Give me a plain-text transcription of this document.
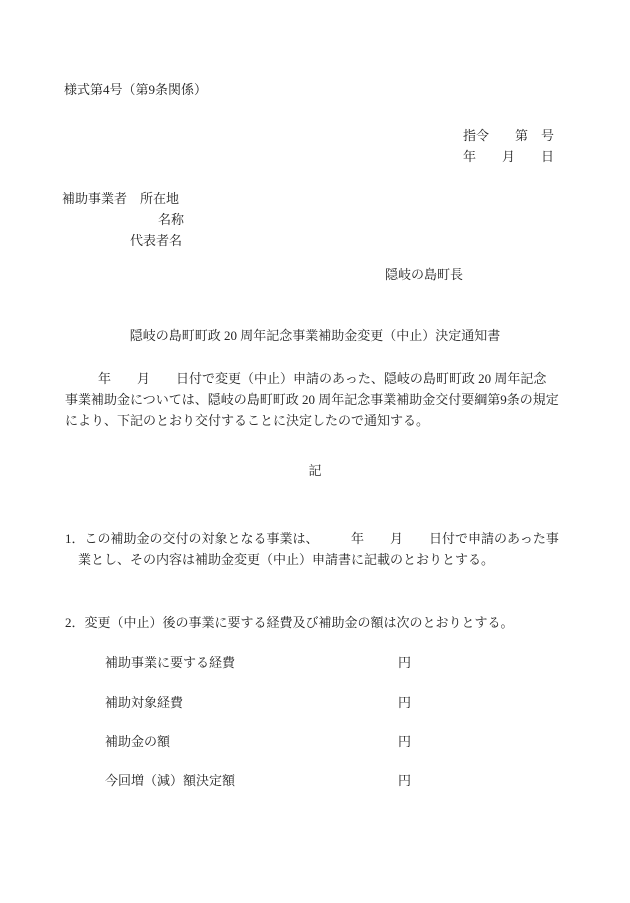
様式第4号（第9条関係）
指令　　第　号
年　　月　　日
補助事業者　所在地
名称
代表者名
隠岐の島町長
隠岐の島町町政 20 周年記念事業補助金変更（中止）決定通知書
年　　月　　日付で変更（中止）申請のあった、隠岐の島町町政 20 周年記念
事業補助金については、隠岐の島町町政 20 周年記念事業補助金交付要綱第9条の規定
により、下記のとおり交付することに決定したので通知する。
記
1．この補助金の交付の対象となる事業は、　　　年　　月　　日付で申請のあった事
業とし、その内容は補助金変更（中止）申請書に記載のとおりとする。
2．変更（中止）後の事業に要する経費及び補助金の額は次のとおりとする。
補助事業に要する経費	円
補助対象経費	円
補助金の額	円
今回増（減）額決定額	円
